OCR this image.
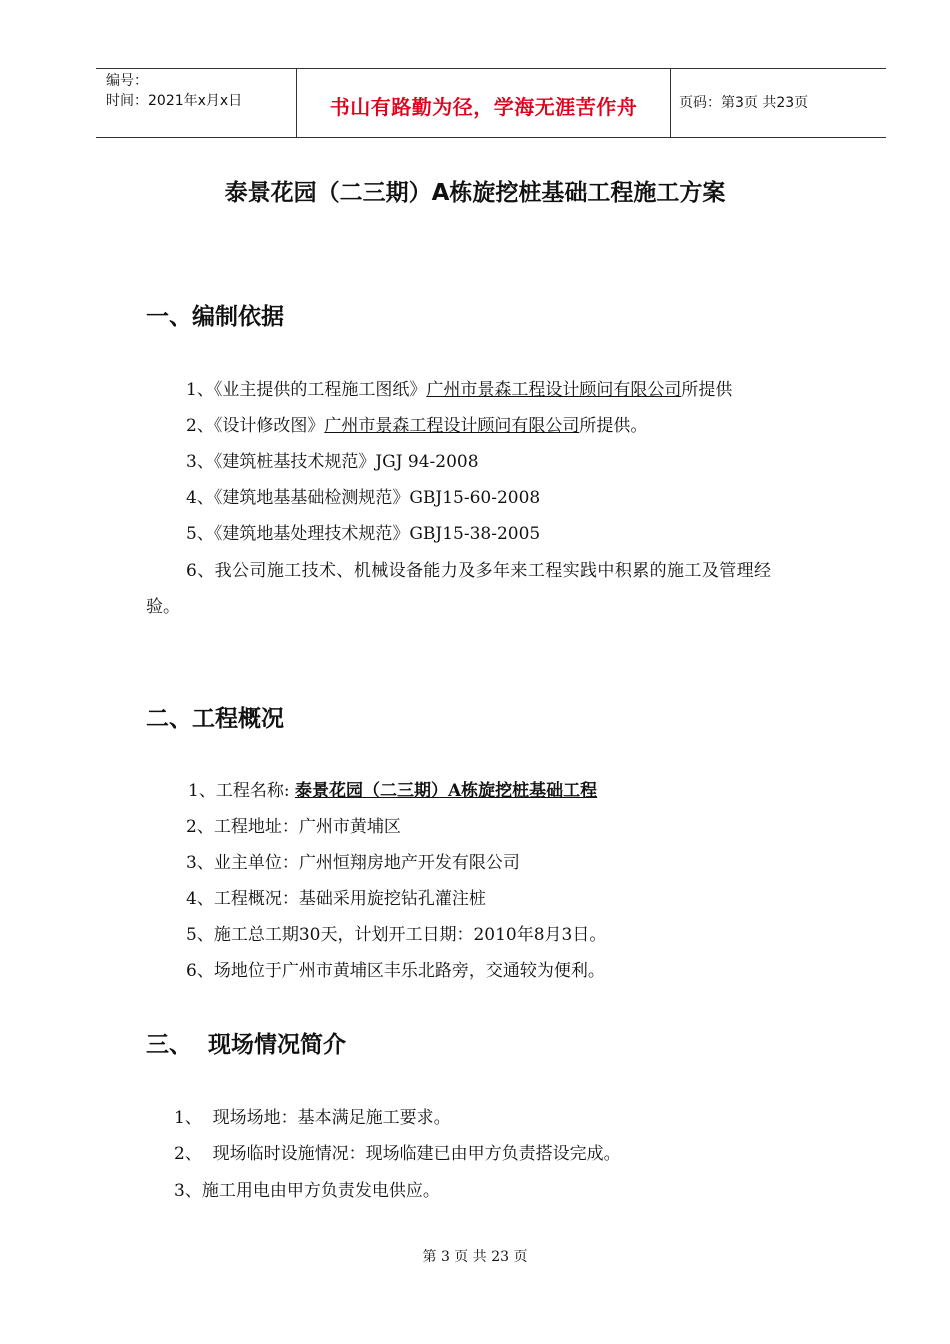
编号：
时间：2021年x月x日	书山有路勤为径，学海无涯苦作舟	页码：第3页 共23页
泰景花园（二三期）A栋旋挖桩基础工程施工方案
一、编制依据
1、《业主提供的工程施工图纸》广州市景森工程设计顾问有限公司所提供
2、《设计修改图》广州市景森工程设计顾问有限公司所提供。
3、《建筑桩基技术规范》JGJ 94-2008
4、《建筑地基基础检测规范》GBJ15-60-2008
5、《建筑地基处理技术规范》GBJ15-38-2005
6、我公司施工技术、机械设备能力及多年来工程实践中积累的施工及管理经
验。
二、工程概况
1、工程名称: 泰景花园（二三期）A栋旋挖桩基础工程
2、工程地址：广州市黄埔区
3、业主单位：广州恒翔房地产开发有限公司
4、工程概况：基础采用旋挖钻孔灌注桩
5、施工总工期30天，计划开工日期：2010年8月3日。
6、场地位于广州市黄埔区丰乐北路旁，交通较为便利。
三、  现场情况简介
1、  现场场地：基本满足施工要求。
2、  现场临时设施情况：现场临建已由甲方负责搭设完成。
3、施工用电由甲方负责发电供应。
第 3 页 共 23 页
